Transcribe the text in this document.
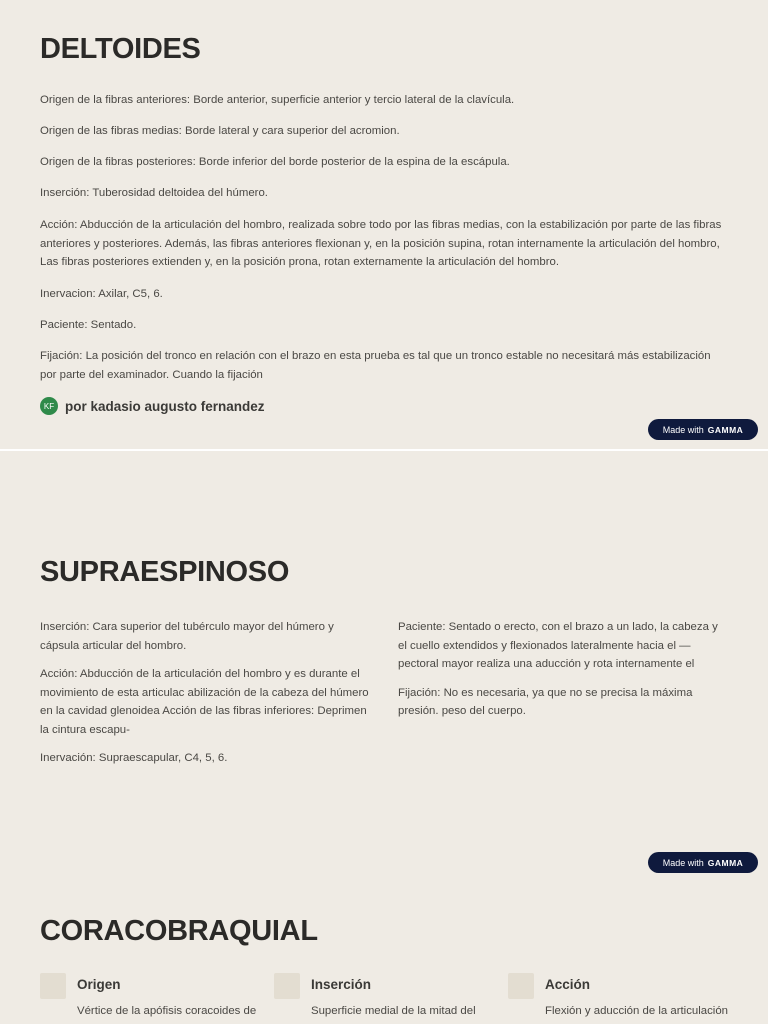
DELTOIDES

Origen de la fibras anteriores: Borde anterior, superficie anterior y tercio lateral de la clavícula.

Origen de las fibras medias: Borde lateral y cara superior del acromion.

Origen de la fibras posteriores: Borde inferior del borde posterior de la espina de la escápula.

Inserción: Tuberosidad deltoidea del húmero.

Acción: Abducción de la articulación del hombro, realizada sobre todo por las fibras medias, con la estabilización por parte de las fibras anteriores y posteriores. Además, las fibras anteriores flexionan y, en la posición supina, rotan internamente la articulación del hombro, Las fibras posteriores extienden y, en la posición prona, rotan externamente la articulación del hombro.

Inervacion: Axilar, C5, 6.

Paciente: Sentado.

Fijación: La posición del tronco en relación con el brazo en esta prueba es tal que un tronco estable no necesitará más estabilización por parte del examinador. Cuando la fijación

KF por kadasio augusto fernandez
Made with GAMMA
SUPRAESPINOSO

Inserción: Cara superior del tubérculo mayor del húmero y cápsula articular del hombro.

Acción: Abducción de la articulación del hombro y es durante el movimiento de esta articulac abilización de la cabeza del húmero en la cavidad glenoidea Acción de las fibras inferiores: Deprimen la cintura escapu-

Inervación: Supraescapular, C4, 5, 6.

Paciente: Sentado o erecto, con el brazo a un lado, la cabeza y el cuello extendidos y flexionados lateralmente hacia el — pectoral mayor realiza una aducción y rota internamente el

Fijación: No es necesaria, ya que no se precisa la máxima presión. peso del cuerpo.

Made with GAMMA
CORACOBRAQUIAL
Origen
Vértice de la apófisis coracoides de
Inserción
Superficie medial de la mitad del
Acción
Flexión y aducción de la articulación
